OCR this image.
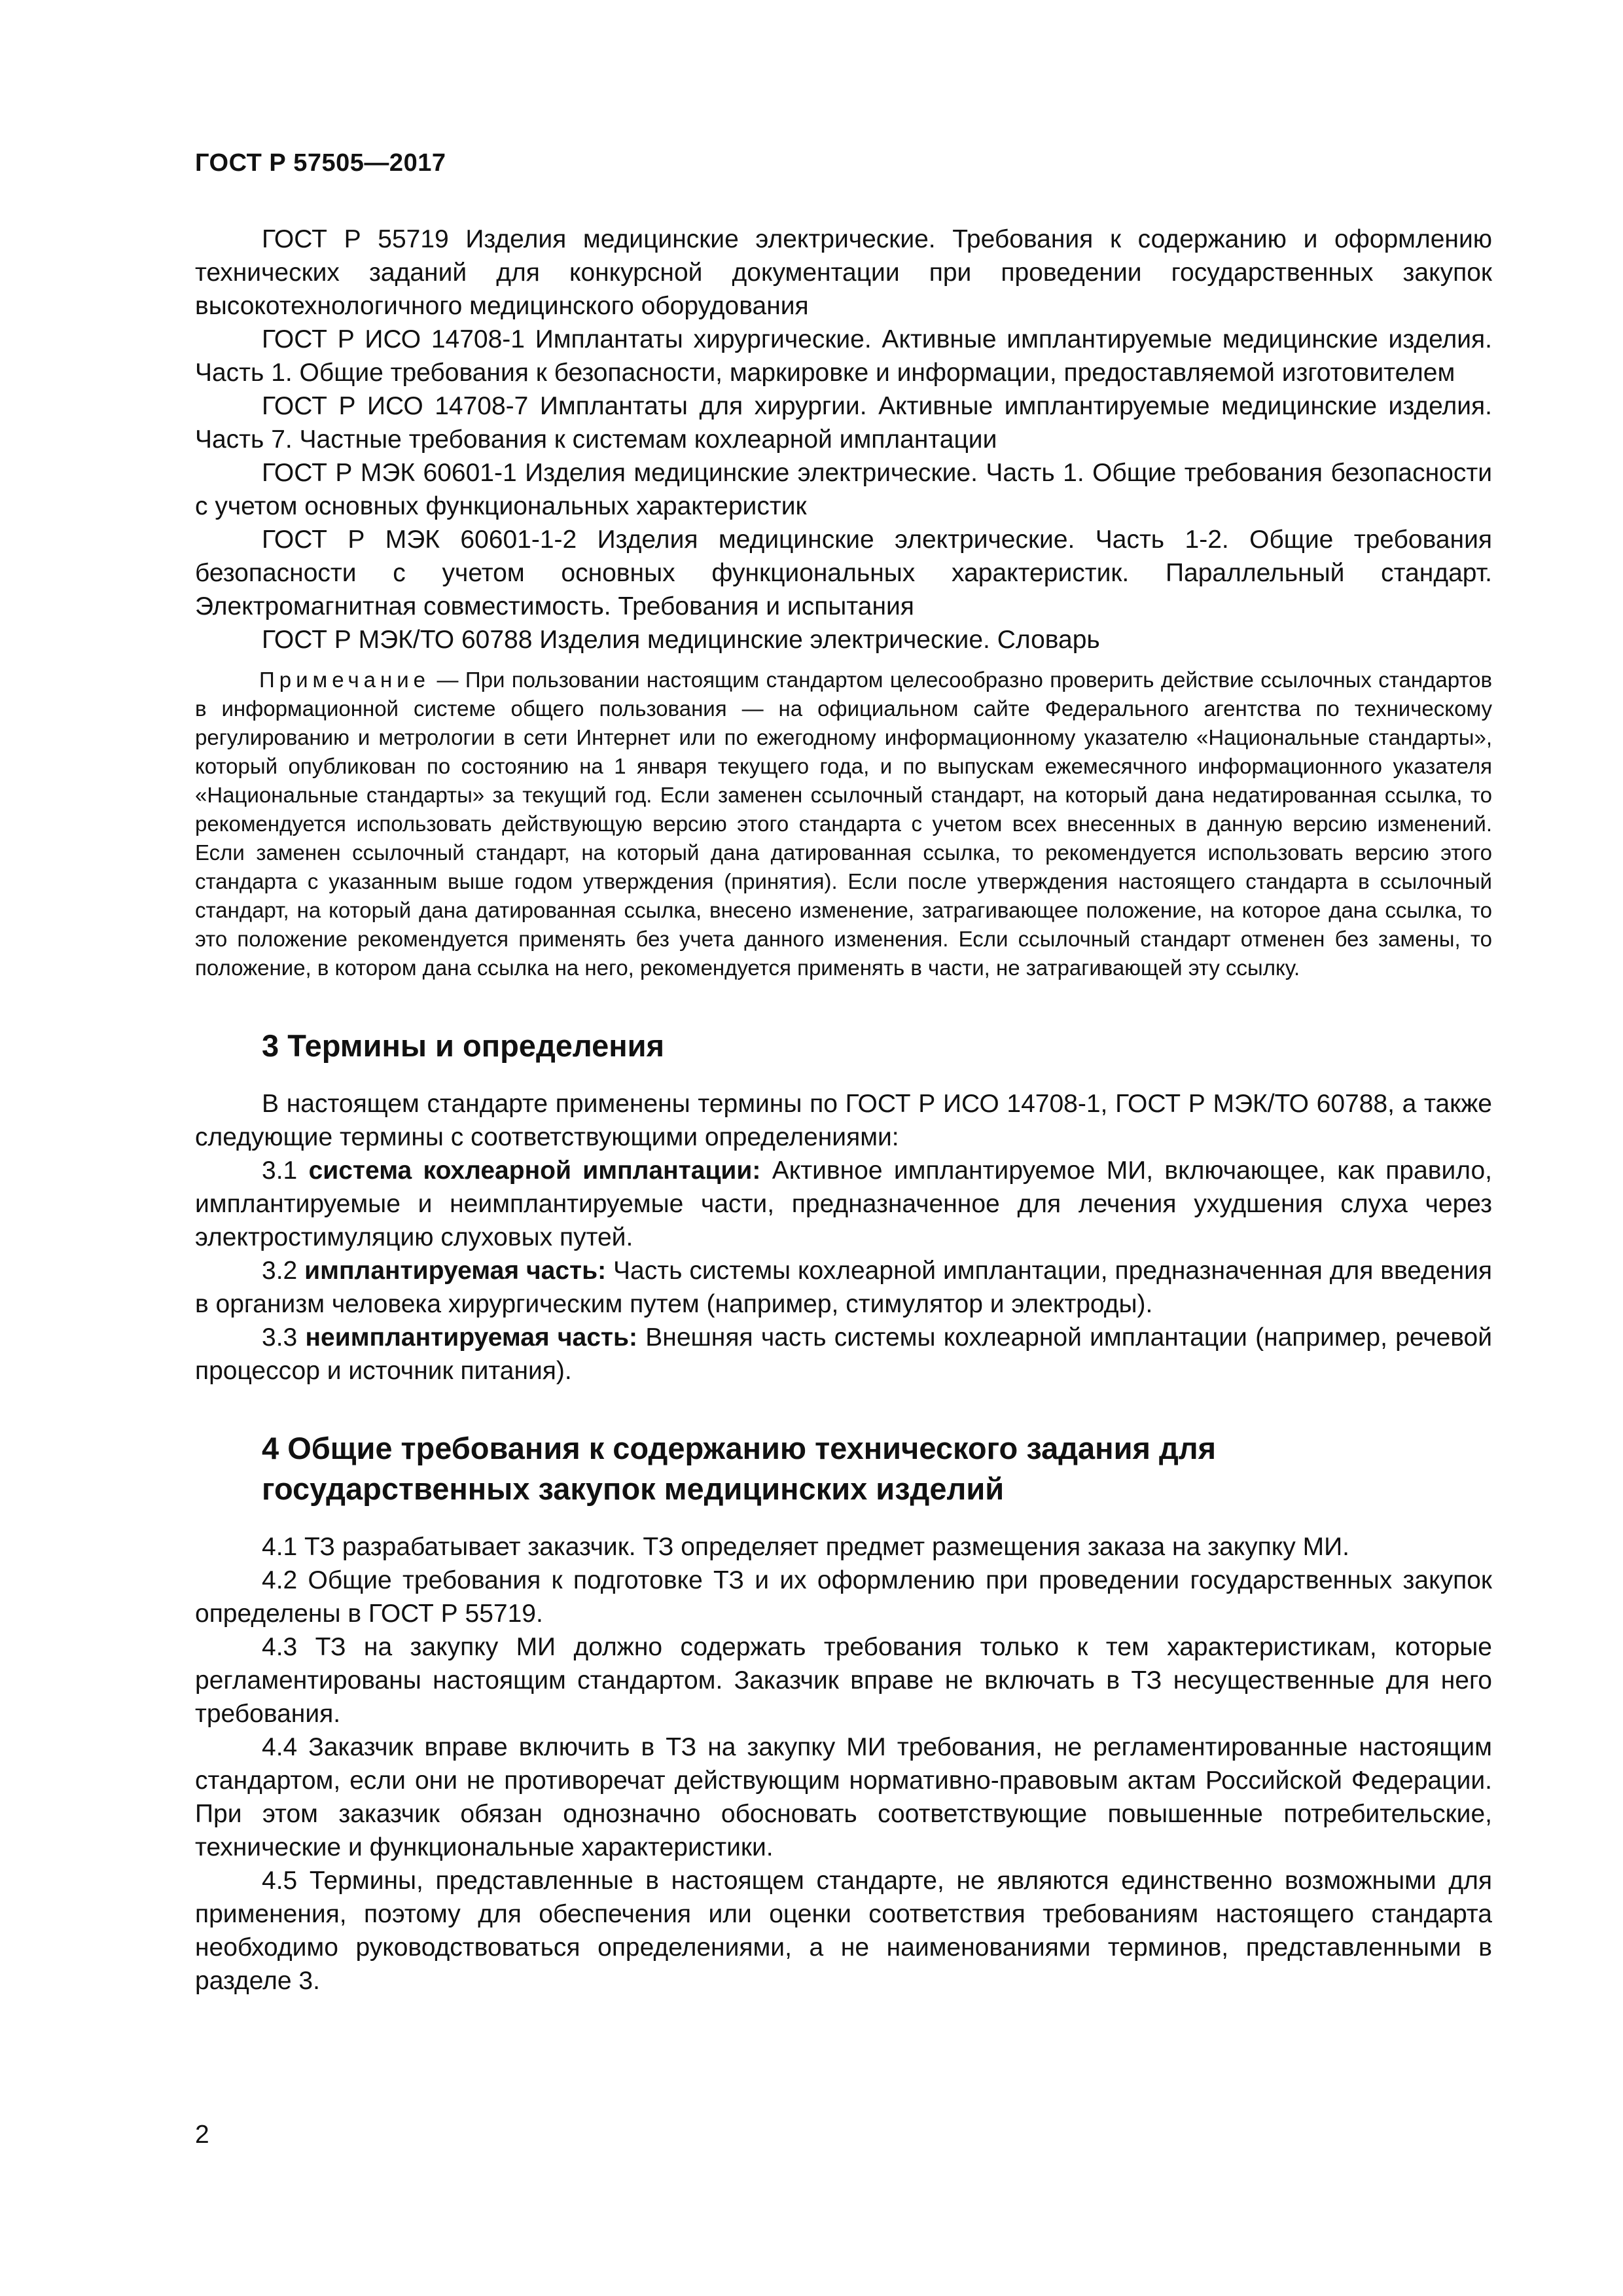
ГОСТ Р 57505—2017

ГОСТ Р 55719 Изделия медицинские электрические. Требования к содержанию и оформлению технических заданий для конкурсной документации при проведении государственных закупок высокотехнологичного медицинского оборудования

ГОСТ Р ИСО 14708-1 Имплантаты хирургические. Активные имплантируемые медицинские изделия. Часть 1. Общие требования к безопасности, маркировке и информации, предоставляемой изготовителем

ГОСТ Р ИСО 14708-7 Имплантаты для хирургии. Активные имплантируемые медицинские изделия. Часть 7. Частные требования к системам кохлеарной имплантации

ГОСТ Р МЭК 60601-1 Изделия медицинские электрические. Часть 1. Общие требования безопасности с учетом основных функциональных характеристик

ГОСТ Р МЭК 60601-1-2 Изделия медицинские электрические. Часть 1-2. Общие требования безопасности с учетом основных функциональных характеристик. Параллельный стандарт. Электромагнитная совместимость. Требования и испытания

ГОСТ Р МЭК/ТО 60788 Изделия медицинские электрические. Словарь

Примечание — При пользовании настоящим стандартом целесообразно проверить действие ссылочных стандартов в информационной системе общего пользования — на официальном сайте Федерального агентства по техническому регулированию и метрологии в сети Интернет или по ежегодному информационному указателю «Национальные стандарты», который опубликован по состоянию на 1 января текущего года, и по выпускам ежемесячного информационного указателя «Национальные стандарты» за текущий год. Если заменен ссылочный стандарт, на который дана недатированная ссылка, то рекомендуется использовать действующую версию этого стандарта с учетом всех внесенных в данную версию изменений. Если заменен ссылочный стандарт, на который дана датированная ссылка, то рекомендуется использовать версию этого стандарта с указанным выше годом утверждения (принятия). Если после утверждения настоящего стандарта в ссылочный стандарт, на который дана датированная ссылка, внесено изменение, затрагивающее положение, на которое дана ссылка, то это положение рекомендуется применять без учета данного изменения. Если ссылочный стандарт отменен без замены, то положение, в котором дана ссылка на него, рекомендуется применять в части, не затрагивающей эту ссылку.

3 Термины и определения

В настоящем стандарте применены термины по ГОСТ Р ИСО 14708-1, ГОСТ Р МЭК/ТО 60788, а также следующие термины с соответствующими определениями:

3.1 система кохлеарной имплантации: Активное имплантируемое МИ, включающее, как правило, имплантируемые и неимплантируемые части, предназначенное для лечения ухудшения слуха через электростимуляцию слуховых путей.

3.2 имплантируемая часть: Часть системы кохлеарной имплантации, предназначенная для введения в организм человека хирургическим путем (например, стимулятор и электроды).

3.3 неимплантируемая часть: Внешняя часть системы кохлеарной имплантации (например, речевой процессор и источник питания).

4 Общие требования к содержанию технического задания для
государственных закупок медицинских изделий

4.1 ТЗ разрабатывает заказчик. ТЗ определяет предмет размещения заказа на закупку МИ.

4.2 Общие требования к подготовке ТЗ и их оформлению при проведении государственных закупок определены в ГОСТ Р 55719.

4.3 ТЗ на закупку МИ должно содержать требования только к тем характеристикам, которые регламентированы настоящим стандартом. Заказчик вправе не включать в ТЗ несущественные для него требования.

4.4 Заказчик вправе включить в ТЗ на закупку МИ требования, не регламентированные настоящим стандартом, если они не противоречат действующим нормативно-правовым актам Российской Федерации. При этом заказчик обязан однозначно обосновать соответствующие повышенные потребительские, технические и функциональные характеристики.

4.5 Термины, представленные в настоящем стандарте, не являются единственно возможными для применения, поэтому для обеспечения или оценки соответствия требованиям настоящего стандарта необходимо руководствоваться определениями, а не наименованиями терминов, представленными в разделе 3.

2
